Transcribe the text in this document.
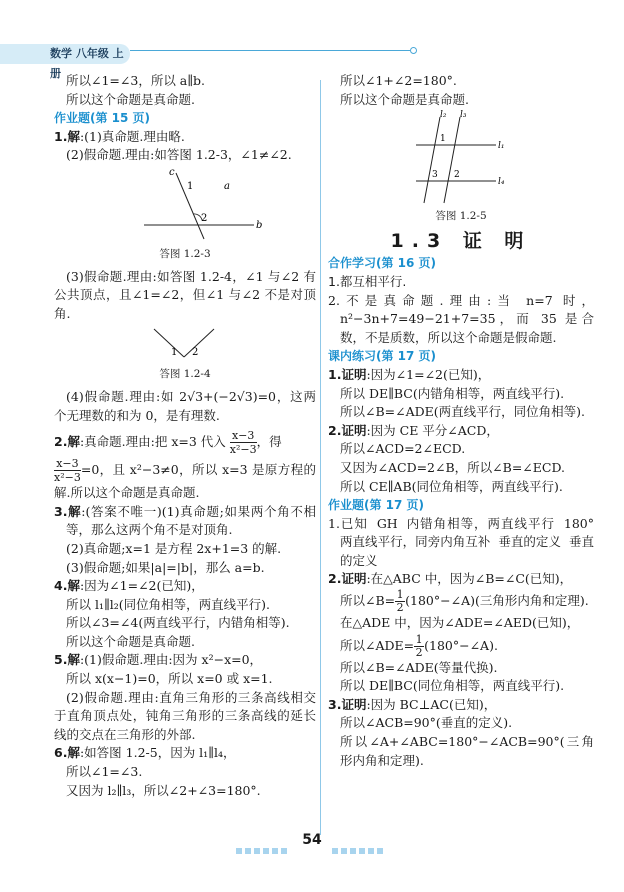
数学 八年级 上册 所以∠1=∠3，所以 a∥b.

所以这个命题是真命题.

作业题(第 15 页)

1.解:(1)真命题.理由略.

(2)假命题.理由:如答图 1.2-3，∠1≠∠2.

c
1	a
2
b

答图 1.2-3

(3)假命题.理由:如答图 1.2-4，∠1 与∠2 有公共顶点，且∠1=∠2，但∠1 与∠2 不是对顶角.

1 2

答图 1.2-4

(4)假命题.理由:如 2√3+(−2√3)=0，这两个无理数的和为 0，是有理数.

2.解:真命题.理由:把 x=3 代入 $\frac{x-3}{\text{x²−3}}$ ，得
$\frac{x-3}{\text{x²−3}} =0$，且 x²−3≠0，所以 x=3 是原方程的解.所以这个命题是真命题.

3.解:(答案不唯一)(1)真命题;如果两个角不相等，那么这两个角不是对顶角.

(2)真命题;x=1 是方程 2x+1=3 的解.

(3)假命题;如果|a|=|b|，那么 a=b.

4.解:因为∠1=∠2(已知)，

所以 l₁∥l₂(同位角相等，两直线平行).

所以∠3=∠4(两直线平行，内错角相等).

所以这个命题是真命题.

5.解:(1)假命题.理由:因为 x²−x=0，

所以 x(x−1)=0，所以 x=0 或 x=1.

(2)假命题.理由:直角三角形的三条高线相交于直角顶点处，钝角三角形的三条高线的延长线的交点在三角形的外部.

6.解:如答图 1.2-5，因为 l₁∥l₄，

所以∠1=∠3.

又因为 l₂∥l₃，所以∠2+∠3=180°.

所以∠1+∠2=180°.

所以这个命题是真命题.

l₂ l₃
1
l₁
3 2
l₄

答图 1.2-5

1.3 证 明

合作学习(第 16 页)

1.都互相平行.

2.不是真命题.理由:当 n=7 时，n²−3n+7=49−21+7=35，而 35 是合数，不是质数，所以这个命题是假命题.

课内练习(第 17 页)

1.证明:因为∠1=∠2(已知)，

所以 DE∥BC(内错角相等，两直线平行).

所以∠B=∠ADE(两直线平行，同位角相等).

2.证明:因为 CE 平分∠ACD，

所以∠ACD=2∠ECD.

又因为∠ACD=2∠B，所以∠B=∠ECD.

所以 CE∥AB(同位角相等，两直线平行).

作业题(第 17 页)

1.已知 GH 内错角相等，两直线平行 180° 两直线平行，同旁内角互补 垂直的定义 垂直的定义

2.证明:在△ABC 中，因为∠B=∠C(已知)，

所以∠B= $\frac{1}{2}$ (180°−∠A)(三角形内角和定理).

在△ADE 中，因为∠ADE=∠AED(已知)，

所以∠ADE= $\frac{1}{2}$ (180°−∠A).

所以∠B=∠ADE(等量代换).

所以 DE∥BC(同位角相等，两直线平行).

3.证明:因为 BC⊥AC(已知)，

所以∠ACB=90°(垂直的定义).

所以∠A+∠ABC=180°−∠ACB=90°(三角形内角和定理).

54
